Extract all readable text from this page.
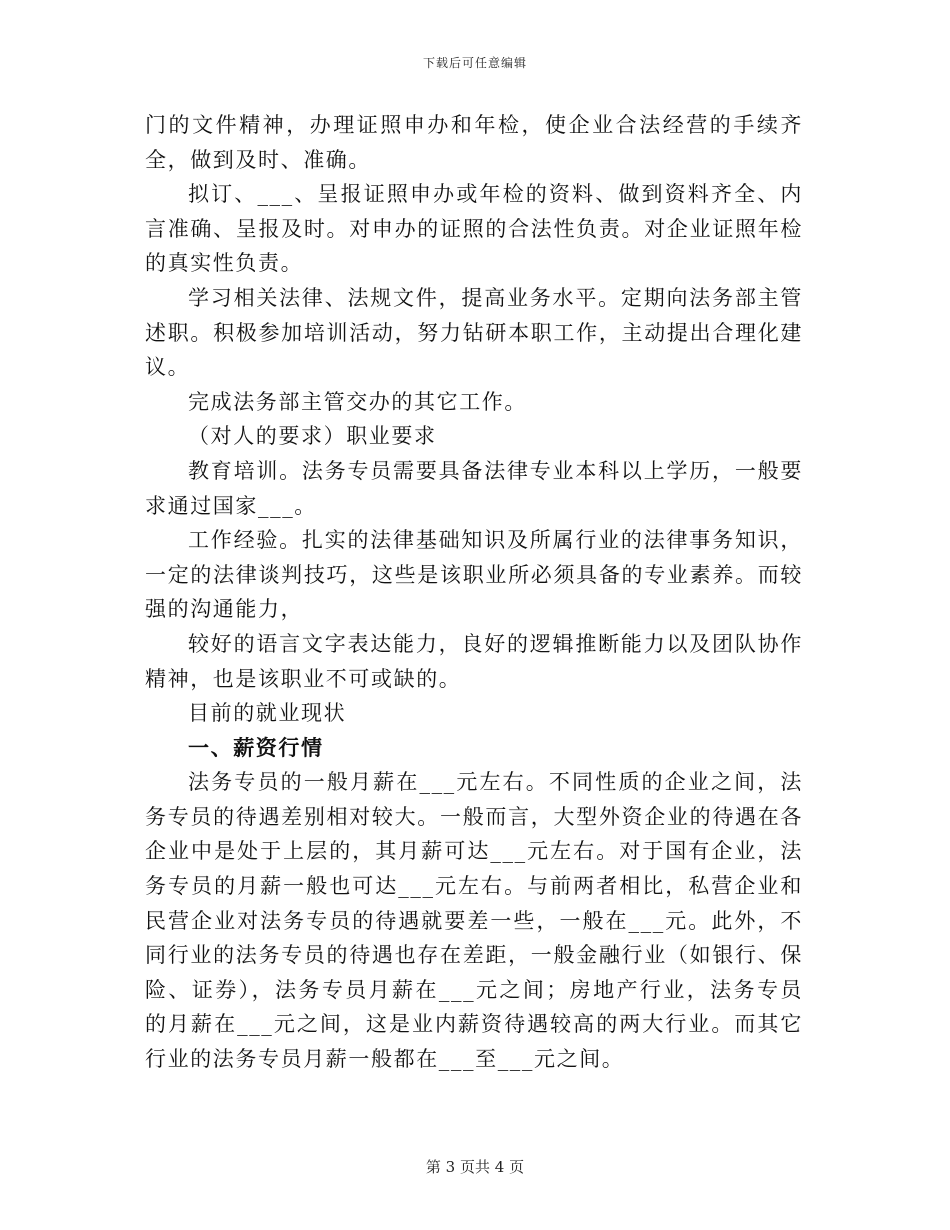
下载后可任意编辑

门的文件精神，办理证照申办和年检，使企业合法经营的手续齐全，做到及时、准确。

拟订、___、呈报证照申办或年检的资料、做到资料齐全、内言准确、呈报及时。对申办的证照的合法性负责。对企业证照年检的真实性负责。

学习相关法律、法规文件，提高业务水平。定期向法务部主管述职。积极参加培训活动，努力钻研本职工作，主动提出合理化建议。

完成法务部主管交办的其它工作。

（对人的要求）职业要求

教育培训。法务专员需要具备法律专业本科以上学历，一般要求通过国家___。

工作经验。扎实的法律基础知识及所属行业的法律事务知识，一定的法律谈判技巧，这些是该职业所必须具备的专业素养。而较强的沟通能力，

较好的语言文字表达能力，良好的逻辑推断能力以及团队协作精神，也是该职业不可或缺的。

目前的就业现状

一、薪资行情

法务专员的一般月薪在___元左右。不同性质的企业之间，法务专员的待遇差别相对较大。一般而言，大型外资企业的待遇在各企业中是处于上层的，其月薪可达___元左右。对于国有企业，法务专员的月薪一般也可达___元左右。与前两者相比，私营企业和民营企业对法务专员的待遇就要差一些，一般在___元。此外，不同行业的法务专员的待遇也存在差距，一般金融行业（如银行、保险、证券），法务专员月薪在___元之间；房地产行业，法务专员的月薪在___元之间，这是业内薪资待遇较高的两大行业。而其它行业的法务专员月薪一般都在___至___元之间。

第 3 页共 4 页
